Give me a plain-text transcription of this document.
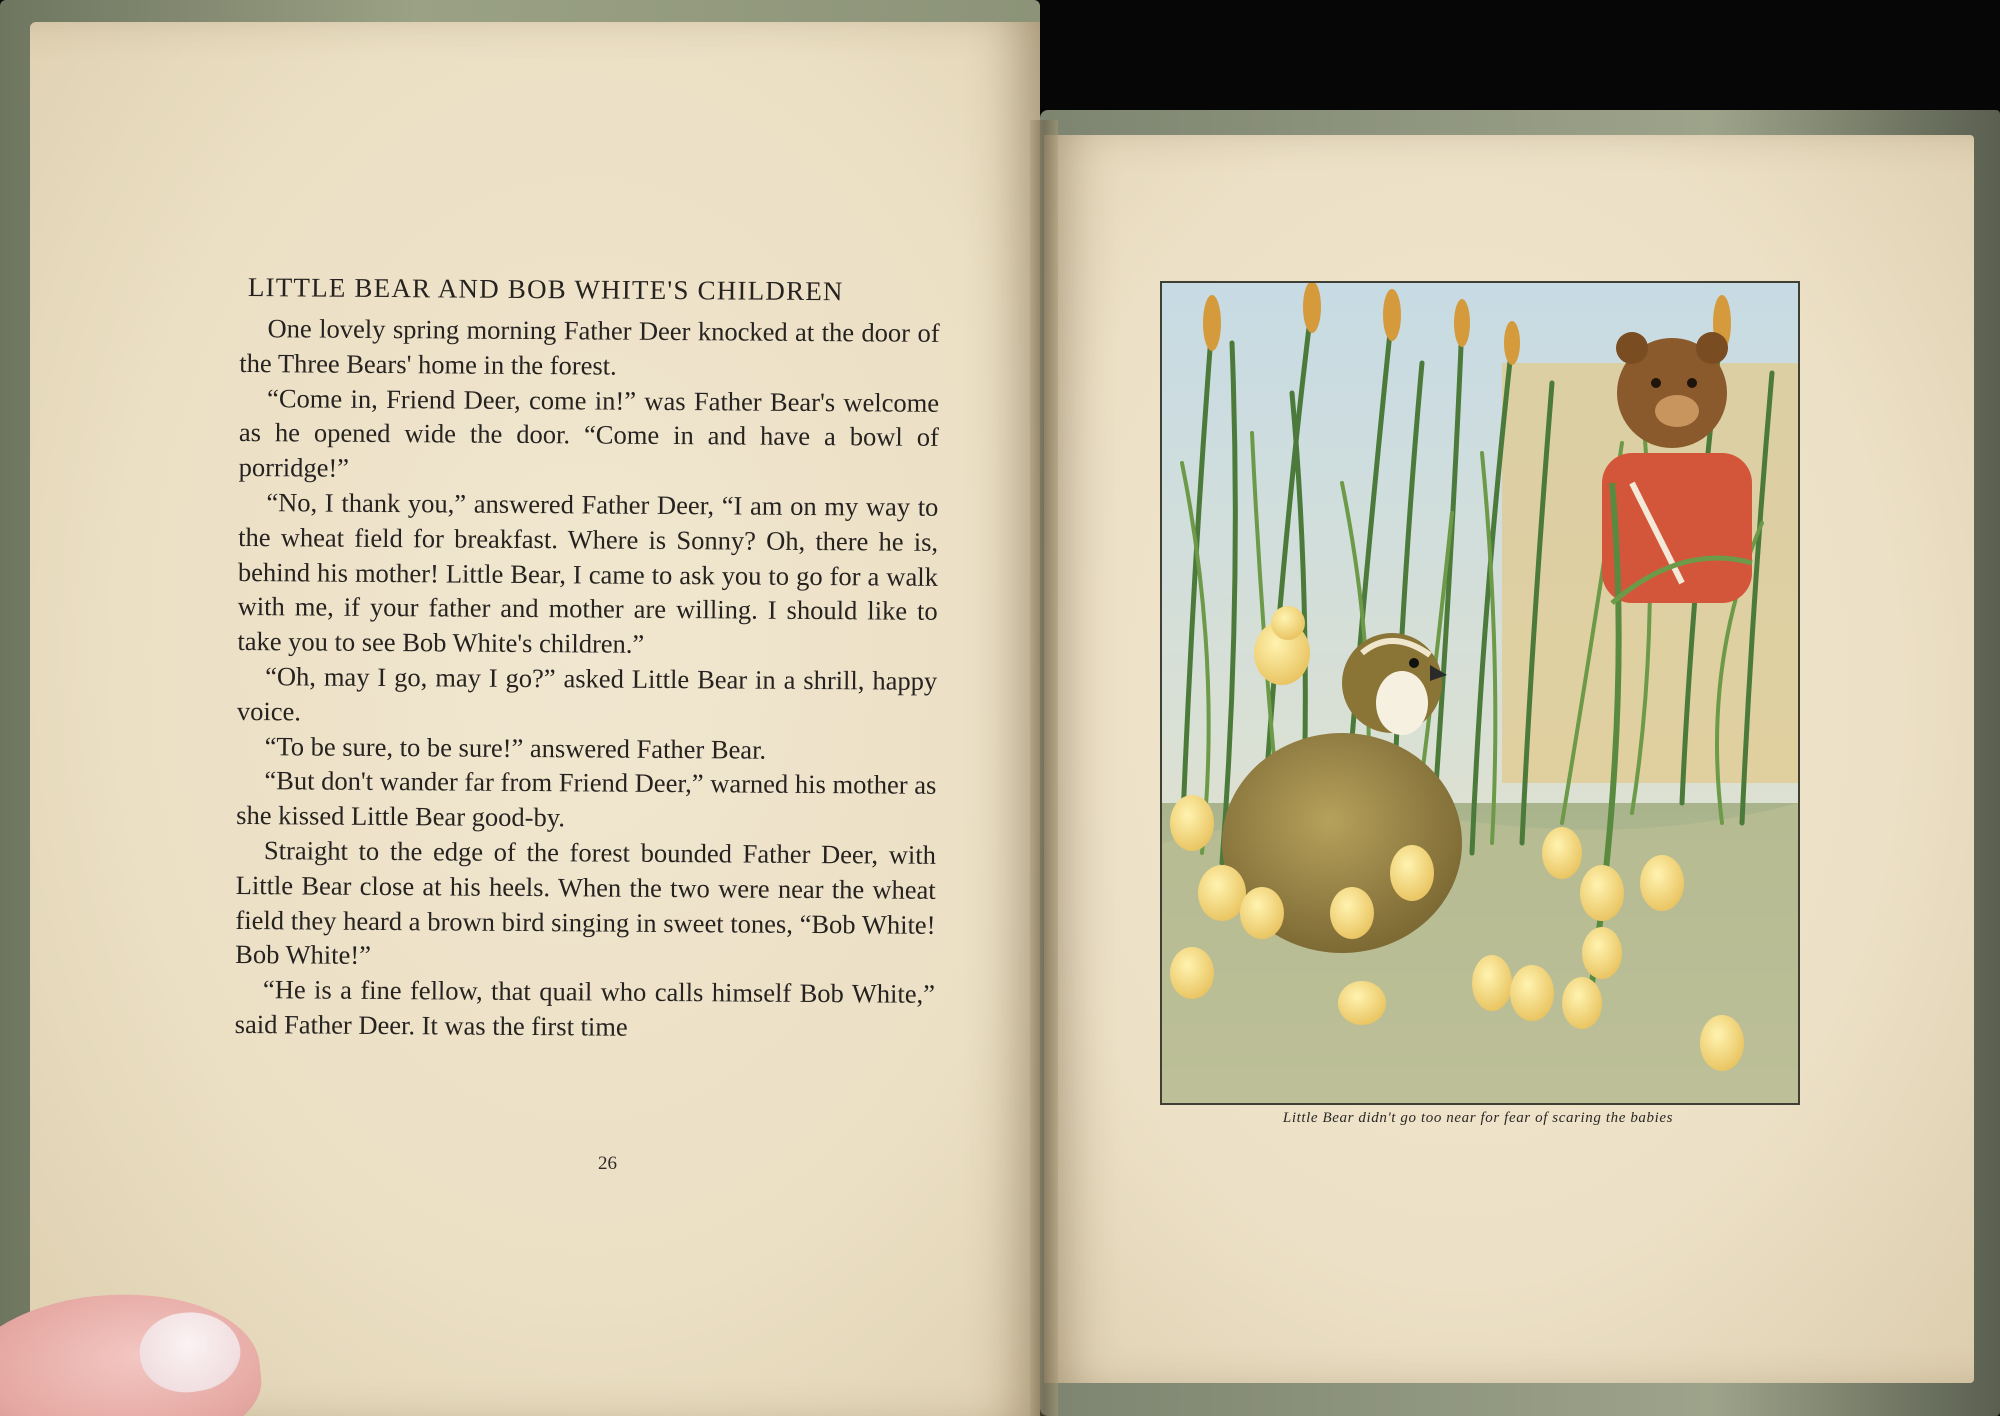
LITTLE BEAR AND BOB WHITE'S CHILDREN

One lovely spring morning Father Deer knocked at the door of the Three Bears' home in the forest.

“Come in, Friend Deer, come in!” was Father Bear's welcome as he opened wide the door. “Come in and have a bowl of porridge!”

“No, I thank you,” answered Father Deer, “I am on my way to the wheat field for breakfast. Where is Sonny? Oh, there he is, behind his mother! Little Bear, I came to ask you to go for a walk with me, if your father and mother are willing. I should like to take you to see Bob White's children.”

“Oh, may I go, may I go?” asked Little Bear in a shrill, happy voice.

“To be sure, to be sure!” answered Father Bear.

“But don't wander far from Friend Deer,” warned his mother as she kissed Little Bear good-by.

Straight to the edge of the forest bounded Father Deer, with Little Bear close at his heels. When the two were near the wheat field they heard a brown bird singing in sweet tones, “Bob White! Bob White!”

“He is a fine fellow, that quail who calls himself Bob White,” said Father Deer. It was the first time

26
Little Bear didn't go too near for fear of scaring the babies
